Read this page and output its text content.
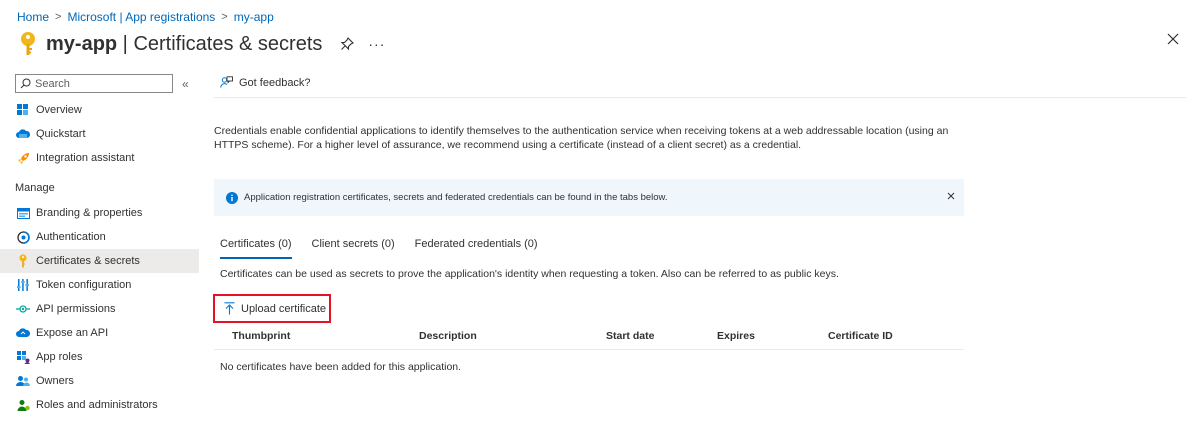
Home > Microsoft | App registrations > my-app
my-app | Certificates & secrets	···
Search	«
Overview
Quickstart
Integration assistant
Manage
Branding & properties
Authentication
Certificates & secrets
Token configuration
API permissions
Expose an API
App roles
Owners
Roles and administrators
Got feedback?
Credentials enable confidential applications to identify themselves to the authentication service when receiving tokens at a web addressable location (using an HTTPS scheme). For a higher level of assurance, we recommend using a certificate (instead of a client secret) as a credential.
Application registration certificates, secrets and federated credentials can be found in the tabs below.
Certificates (0)	Client secrets (0)	Federated credentials (0)
Certificates can be used as secrets to prove the application's identity when requesting a token. Also can be referred to as public keys.
Upload certificate
Thumbprint	Description	Start date	Expires	Certificate ID
No certificates have been added for this application.
